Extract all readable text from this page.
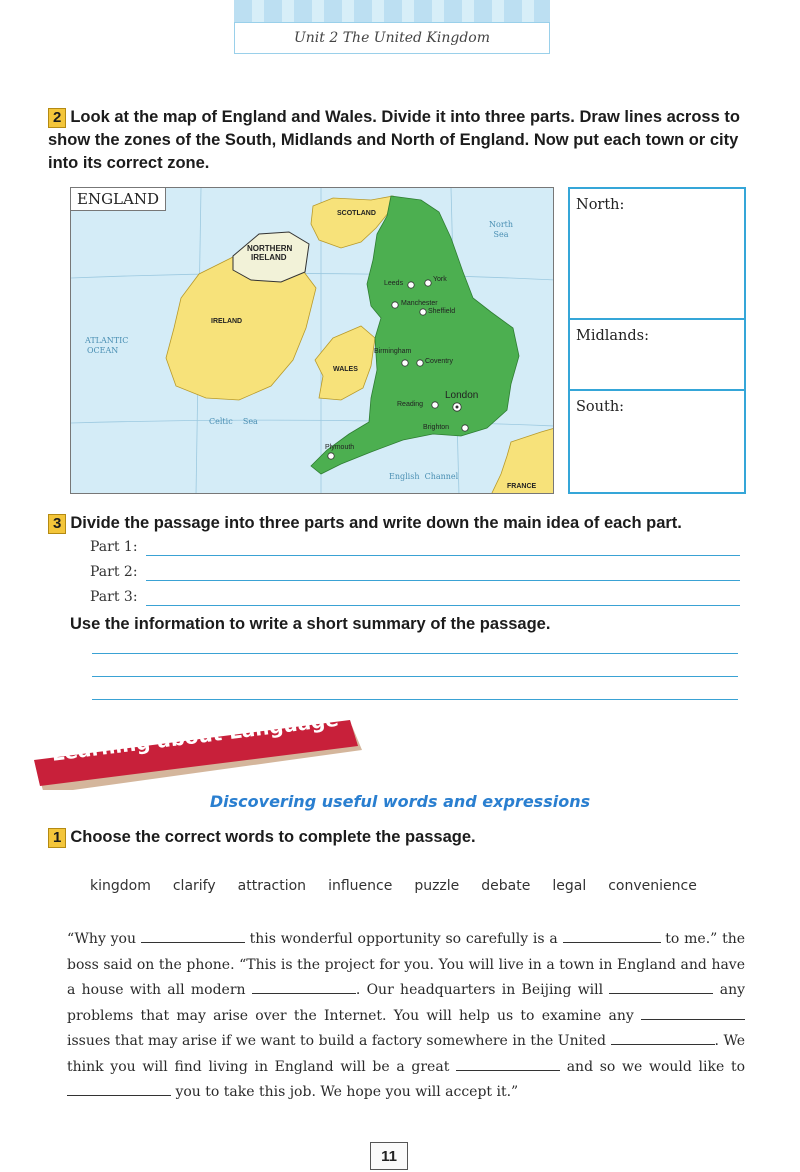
Unit 2 The United Kingdom
2 Look at the map of England and Wales. Divide it into three parts. Draw lines across to show the zones of the South, Midlands and North of England. Now put each town or city into its correct zone.
ENGLAND
SCOTLAND
NORTHERN
IRELAND
IRELAND
WALES
FRANCE
ATLANTIC
OCEAN
North
Sea
Celtic    Sea
English  Channel
Leeds
York
Manchester
Sheffield
Birmingham
Coventry
London
Reading
Brighton
Plymouth
North:
Midlands:
South:
3 Divide the passage into three parts and write down the main idea of each part.
Part 1:
Part 2:
Part 3:
Use the information to write a short summary of the passage.
Learning about Language
Discovering useful words and expressions
1 Choose the correct words to complete the passage.
kingdom clarify attraction influence puzzle debate legal convenience
“Why you	this wonderful opportunity so carefully is a	to me.” the boss said on the phone. “This is the project for you. You will live in a town in England and have a house with all modern	. Our headquarters in Beijing will	any problems that may arise over the Internet. You will help us to examine any  issues that may arise if we want to build a factory somewhere in the United	. We think you will find living in England will be a great	and so we would like to  you to take this job. We hope you will accept it.”
11
